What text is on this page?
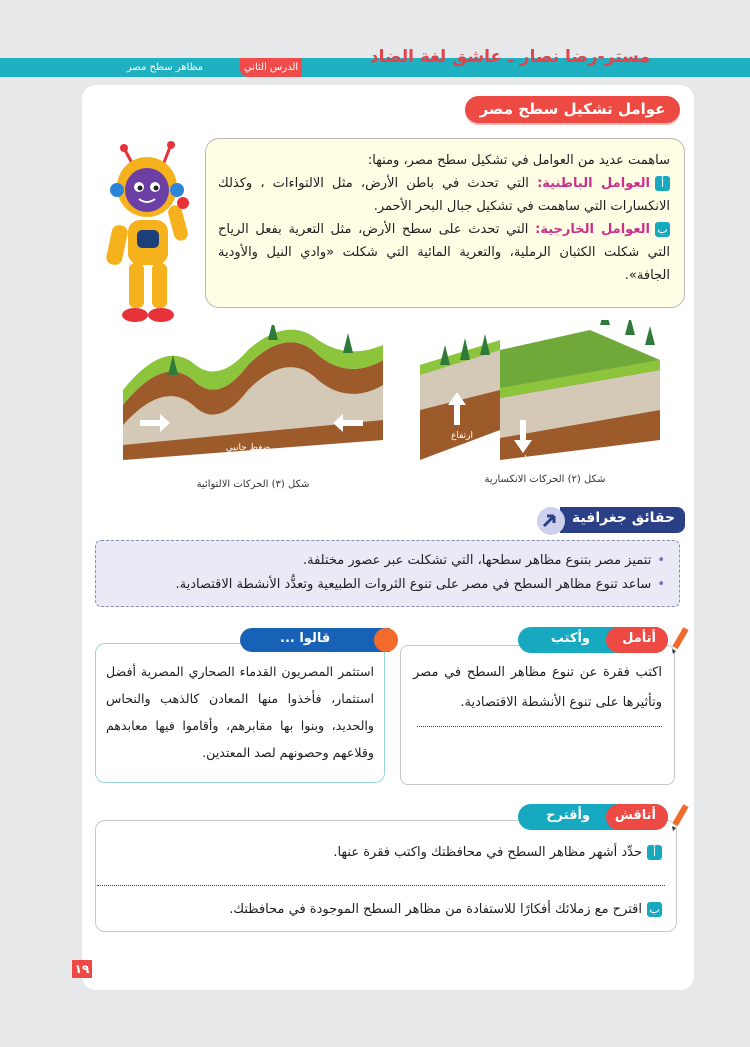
مستر-رضا نصار ـ عاشق لغة الضاد
الدرس الثاني
مظاهر سطح مصر
عوامل تشكيل سطح مصر

ساهمت عديد من العوامل في تشكيل سطح مصر، ومنها:

أالعوامل الباطنية: التي تحدث في باطن الأرض، مثل الالتواءات ، وكذلك الانكسارات التي ساهمت في تشكيل جبال البحر الأحمر.

بالعوامل الخارجية: التي تحدث على سطح الأرض، مثل التعرية بفعل الرياح التي شكلت الكثبان الرملية، والتعرية المائية التي شكلت «وادي النيل والأودية الجافة».

ارتفاع
انخفاض
شكل (٢) الحركات الانكسارية
ضغط جانبي
شكل (٣) الحركات الالتوائية
حقائق جغرافية
• تتميز مصر بتنوع مظاهر سطحها، التي تشكلت عبر عصور مختلفة.
• ساعد تنوع مظاهر السطح في مصر على تنوع الثروات الطبيعية وتعدُّد الأنشطة الاقتصادية.
استثمر المصريون القدماء الصحاري المصرية أفضل استثمار، فأخذوا منها المعادن كالذهب والنحاس والحديد، وبنوا بها مقابرهم، وأقاموا فيها معابدهم وقلاعهم وحصونهم لصد المعتدين.
قالوا ...
اكتب فقرة عن تنوع مظاهر السطح في مصر وتأثيرها على تنوع الأنشطة الاقتصادية.
أتأمل
وأكتب
أناقش
وأقترح
أحدِّد أشهر مظاهر السطح في محافظتك واكتب فقرة عنها.
باقترح مع زملائك أفكارًا للاستفادة من مظاهر السطح الموجودة في محافظتك.
١٩
